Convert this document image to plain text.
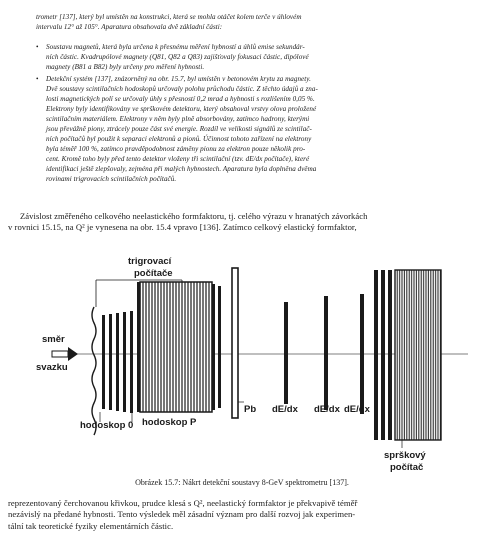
trometr [137], který byl umístěn na konstrukci, která se mohla otáčet kolem terče v úhlovém
intervalu 12° až 105°. Aparatura obsahovala dvě základní části:
• Soustavu magnetů, která byla určena k přesnému měření hybností a úhlů emise sekundár-
ních částic. Kvadrupólové magnety (Q81, Q82 a Q83) zajišťovaly fokusaci částic, dipólové
magnety (B81 a B82) byly určeny pro měření hybnosti.
• Detekční systém [137], znázorněný na obr. 15.7, byl umístěn v betonovém krytu za magnety.
Dvě soustavy scintilačních hodoskopů určovaly polohu průchodu částic. Z těchto údajů a zna-
losti magnetických polí se určovaly úhly s přesností 0,2 mrad a hybnosti s rozlišením 0,05 %.
Elektrony byly identifikovány ve sprškovém detektoru, který obsahoval vrstvy olova proložené
scintilačním materiálem. Elektrony v něm byly plně absorbovány, zatímco hadrony, kterými
jsou převážně piony, ztrácely pouze část své energie. Rozdíl ve velikosti signálů ze scintilač-
ních počítačů byl použit k separaci elektronů a pionů. Účinnost tohoto zařízení na elektrony
byla téměř 100 %, zatímco pravděpodobnost záměny pionu za elektron pouze několik pro-
cent. Kromě toho byly před tento detektor vloženy tři scintilační (tzv. dE/dx počítače), které
identifikaci ještě zlepšovaly, zejména při malých hybnostech. Aparatura byla doplněna dvěma
rovinami trigrovacích scintilačních počítačů.
Závislost změřeného celkového neelastického formfaktoru, tj. celého výrazu v hranatých závorkách
v rovnici 15.15, na Q² je vynesena na obr. 15.4 vpravo [136]. Zatímco celkový elastický formfaktor,
směr svazku
trigrovací počítače
hodoskop 0 hodoskop P
Pb dE/dx dE/dx dE/dx
sprškový počítač
Obrázek 15.7: Nákrt detekční soustavy 8-GeV spektrometru [137].
reprezentovaný čerchovanou křivkou, prudce klesá s Q², neelastický formfaktor je překvapivě téměř
nezávislý na předané hybnosti. Tento výsledek měl zásadní význam pro další rozvoj jak experimen-
tální tak teoretické fyziky elementárních částic.
